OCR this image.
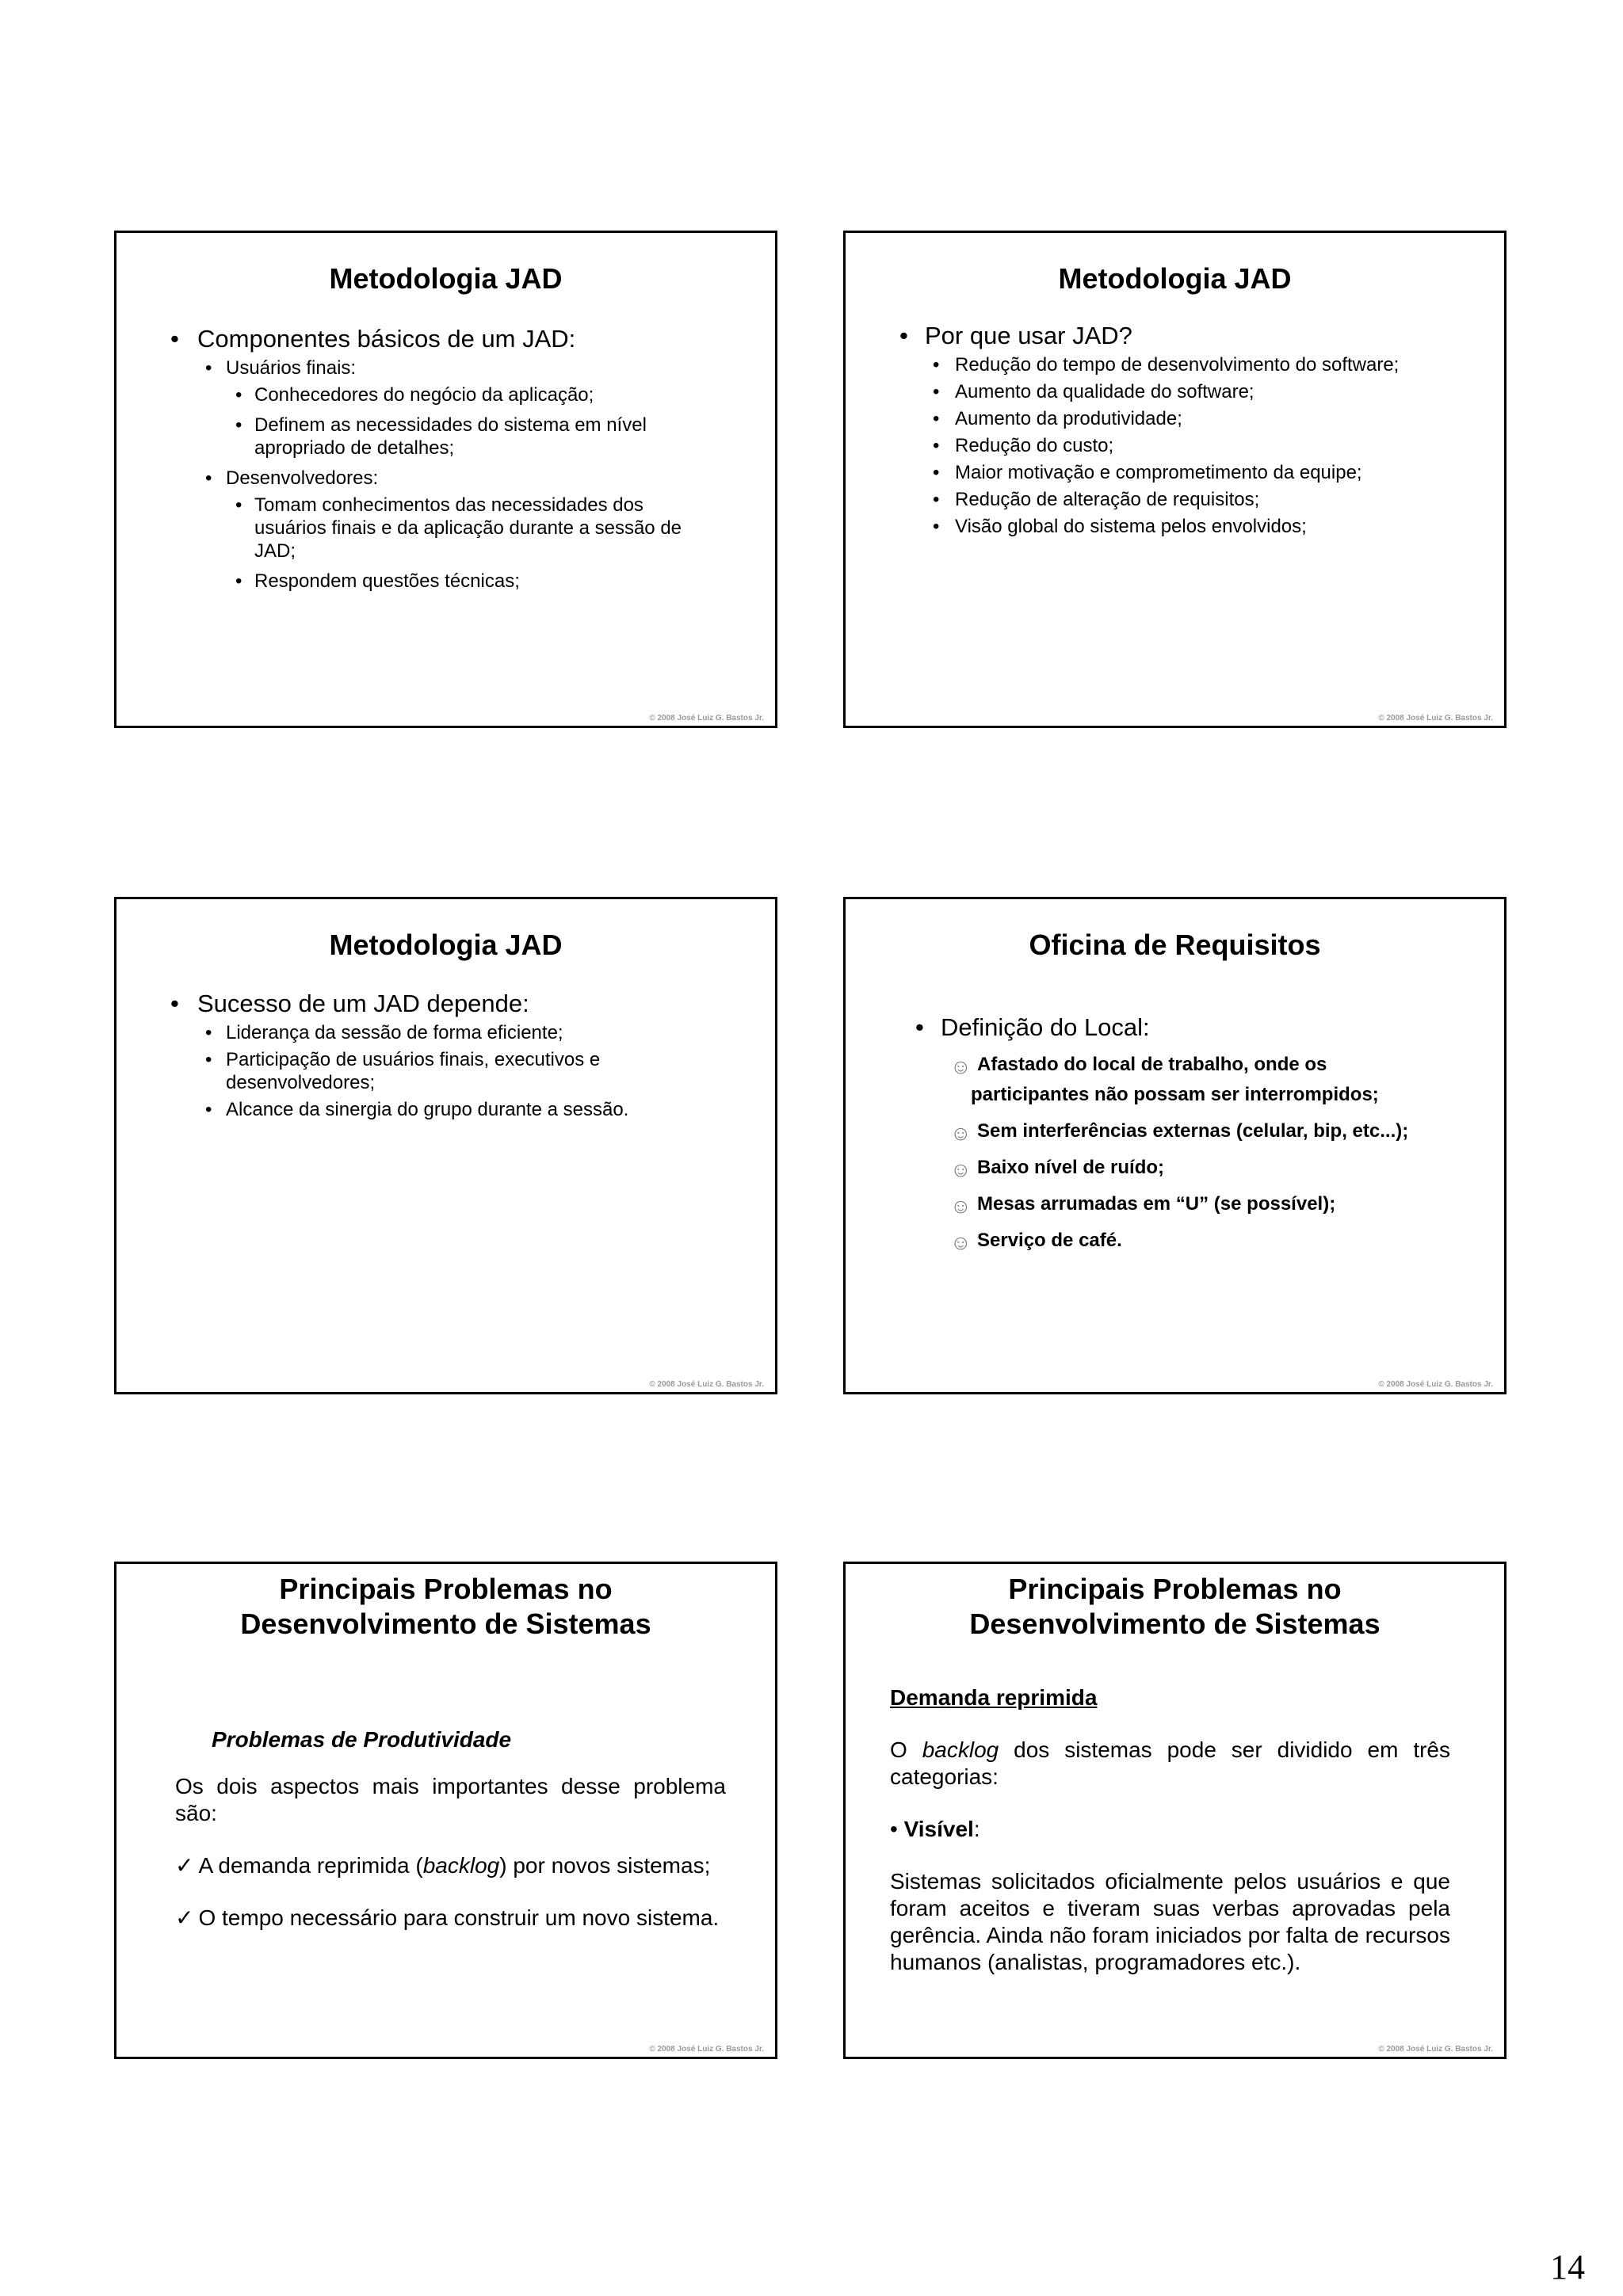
Metodologia JAD
• Componentes básicos de um JAD:
• Usuários finais:
• Conhecedores do negócio da aplicação;
• Definem as necessidades do sistema em nível apropriado de detalhes;
• Desenvolvedores:
• Tomam conhecimentos das necessidades dos usuários finais e da aplicação durante a sessão de JAD;
• Respondem questões técnicas;
© 2008 José Luiz G. Bastos Jr.
Metodologia JAD
• Por que usar JAD?
• Redução do tempo de desenvolvimento do software;
• Aumento da qualidade do software;
• Aumento da produtividade;
• Redução do custo;
• Maior motivação e comprometimento da equipe;
• Redução de alteração de requisitos;
• Visão global do sistema pelos envolvidos;
© 2008 José Luiz G. Bastos Jr.
Metodologia JAD
• Sucesso de um JAD depende:
• Liderança da sessão de forma eficiente;
• Participação de usuários finais, executivos e desenvolvedores;
• Alcance da sinergia do grupo durante a sessão.
© 2008 José Luiz G. Bastos Jr.
Oficina de Requisitos
• Definição do Local:
☺ Afastado do local de trabalho, onde os
participantes não possam ser interrompidos;
☺ Sem interferências externas (celular, bip, etc...);
☺ Baixo nível de ruído;
☺ Mesas arrumadas em “U” (se possível);
☺ Serviço de café.
© 2008 José Luiz G. Bastos Jr.
Principais Problemas no
Desenvolvimento de Sistemas
Problemas de Produtividade
Os dois aspectos mais importantes desse problema são:
✓ A demanda reprimida (backlog) por novos sistemas;
✓ O tempo necessário para construir um novo sistema.
© 2008 José Luiz G. Bastos Jr.
Principais Problemas no
Desenvolvimento de Sistemas
Demanda reprimida
O backlog dos sistemas pode ser dividido em três categorias:
• Visível:
Sistemas solicitados oficialmente pelos usuários e que foram aceitos e tiveram suas verbas aprovadas pela gerência. Ainda não foram iniciados por falta de recursos humanos (analistas, programadores etc.).
© 2008 José Luiz G. Bastos Jr.
14
